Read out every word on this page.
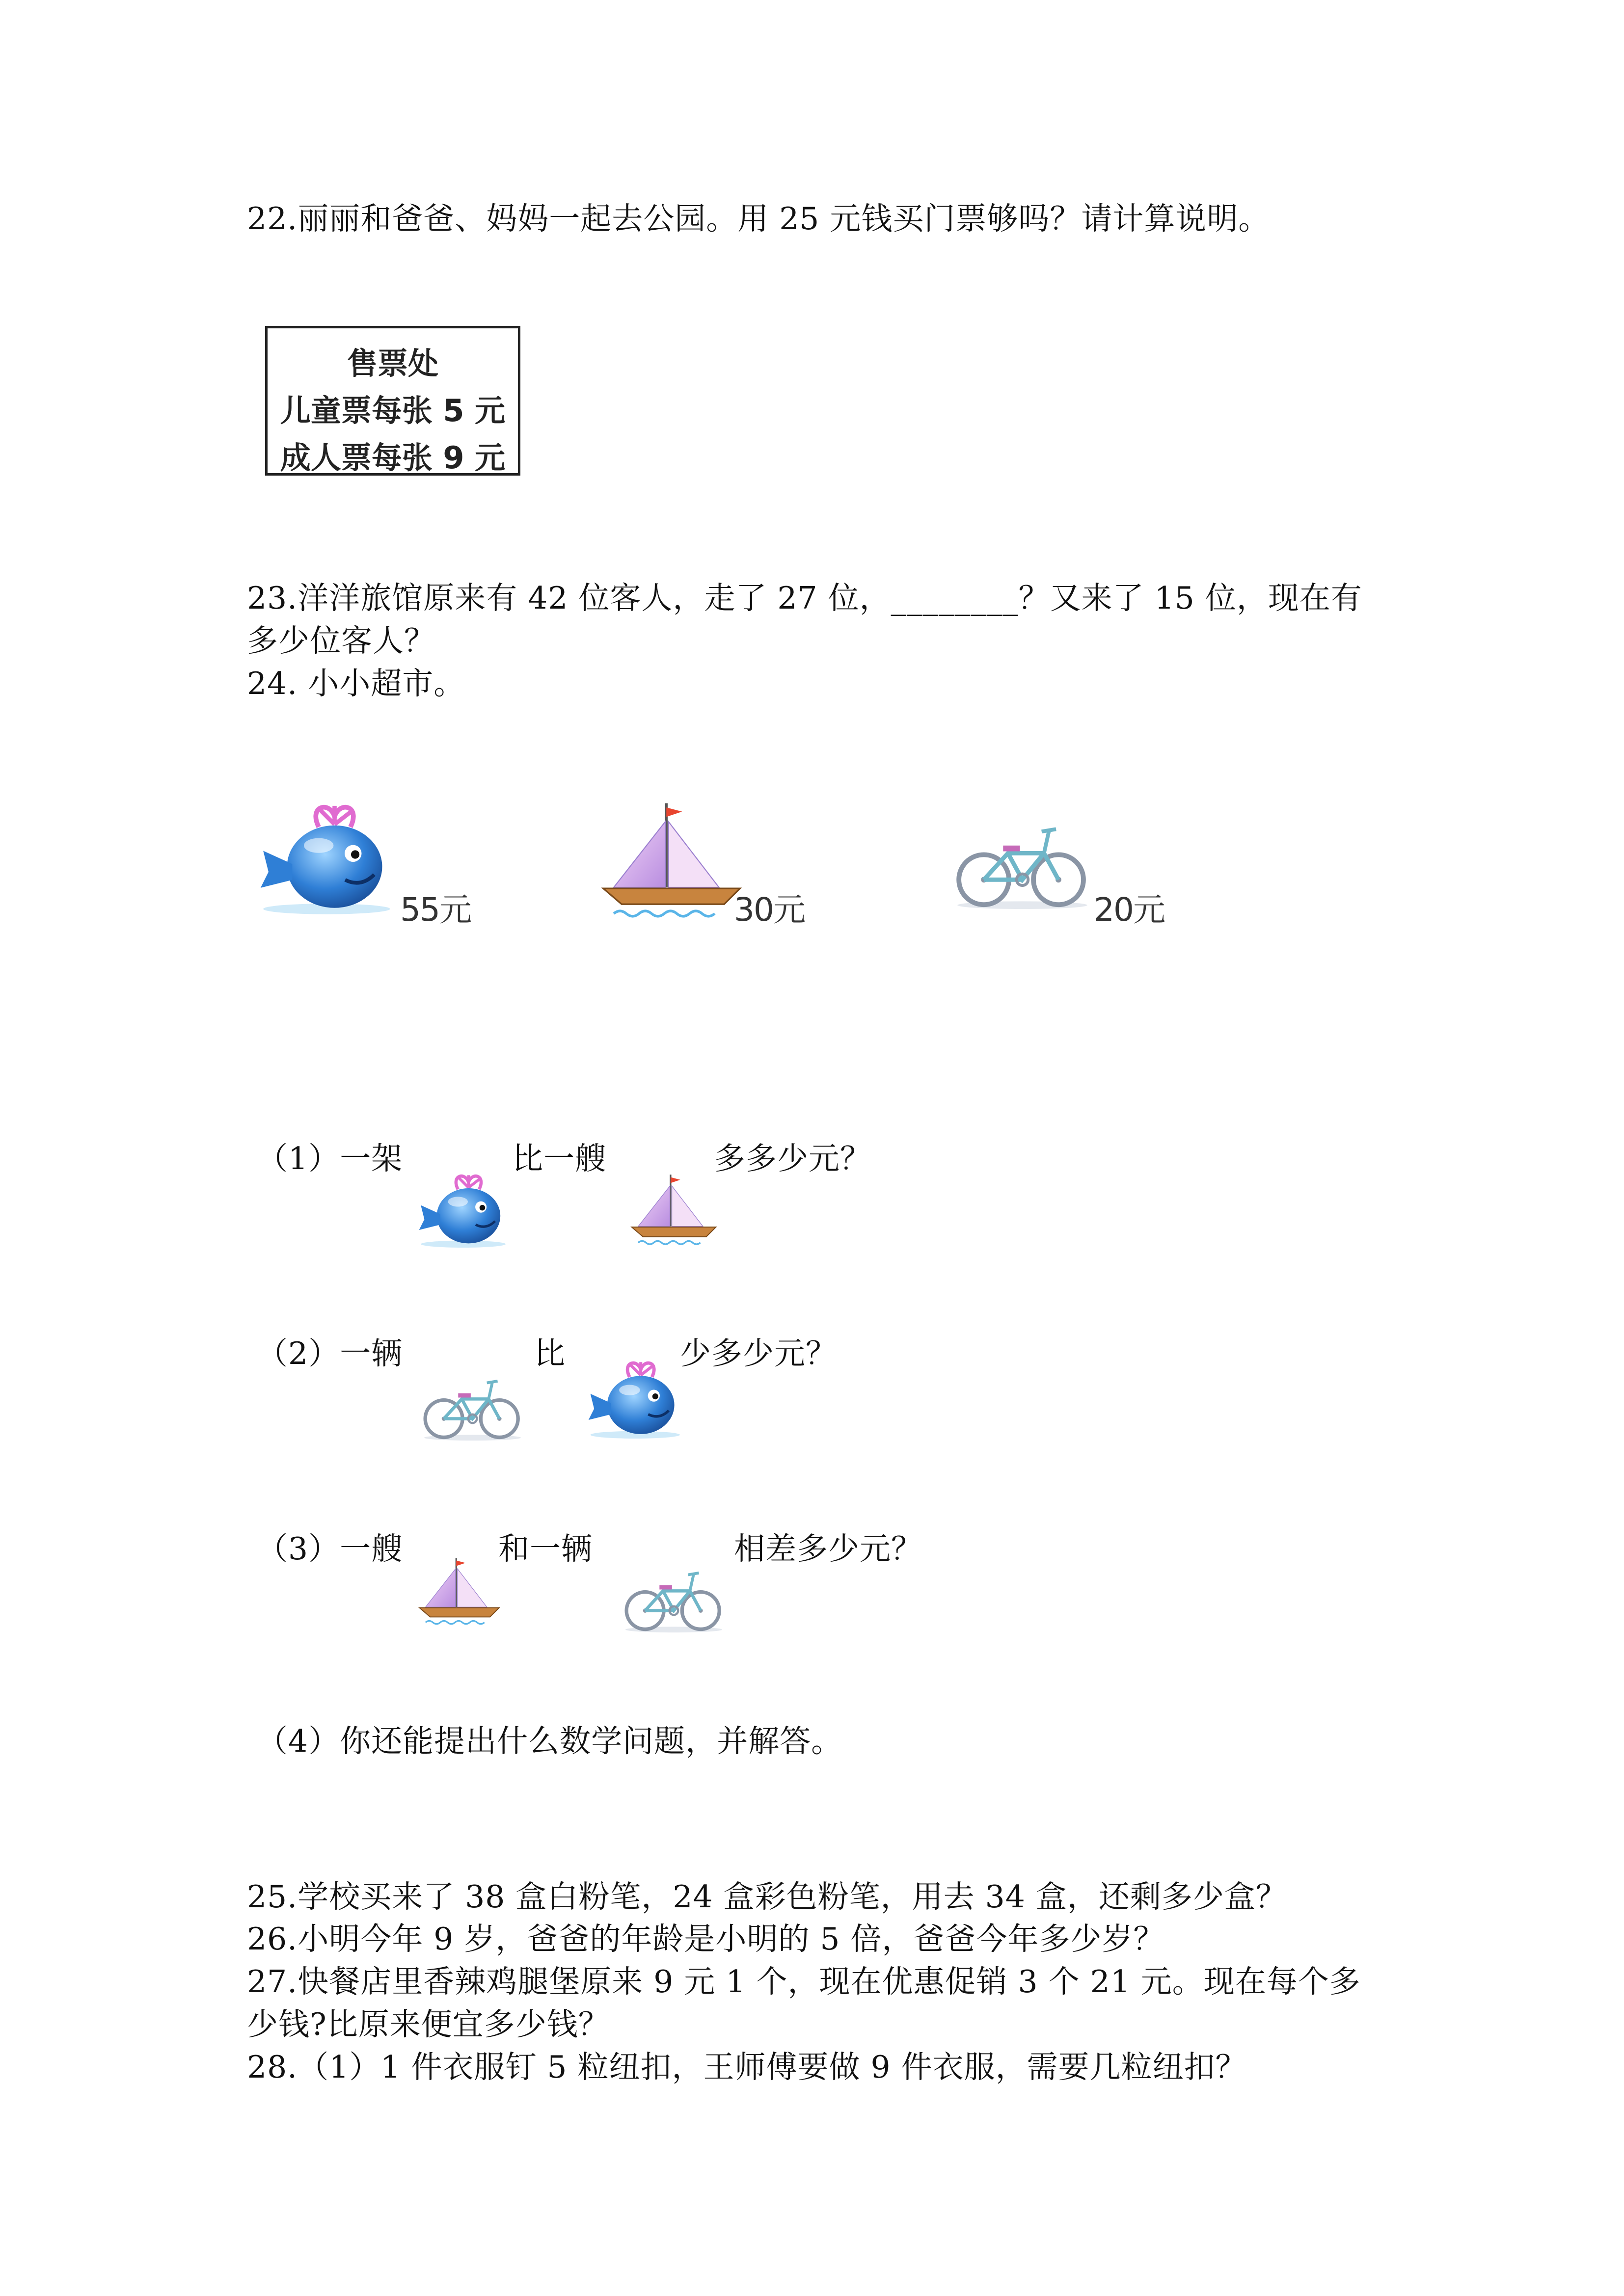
22.丽丽和爸爸、妈妈一起去公园。用 25 元钱买门票够吗？请计算说明。
售票处
儿童票每张 5 元
成人票每张 9 元
23.洋洋旅馆原来有 42 位客人，走了 27 位，________？又来了 15 位，现在有
多少位客人？
24. 小小超市。
55元	30元	20元
（1）一架	比一艘	多多少元？
（2）一辆	比	少多少元？
（3）一艘	和一辆	相差多少元？
（4）你还能提出什么数学问题，并解答。
25.学校买来了 38 盒白粉笔，24 盒彩色粉笔，用去 34 盒，还剩多少盒？
26.小明今年 9 岁，爸爸的年龄是小明的 5 倍，爸爸今年多少岁？
27.快餐店里香辣鸡腿堡原来 9 元 1 个，现在优惠促销 3 个 21 元。现在每个多
少钱?比原来便宜多少钱？
28.（1）1 件衣服钉 5 粒纽扣，王师傅要做 9 件衣服，需要几粒纽扣？
